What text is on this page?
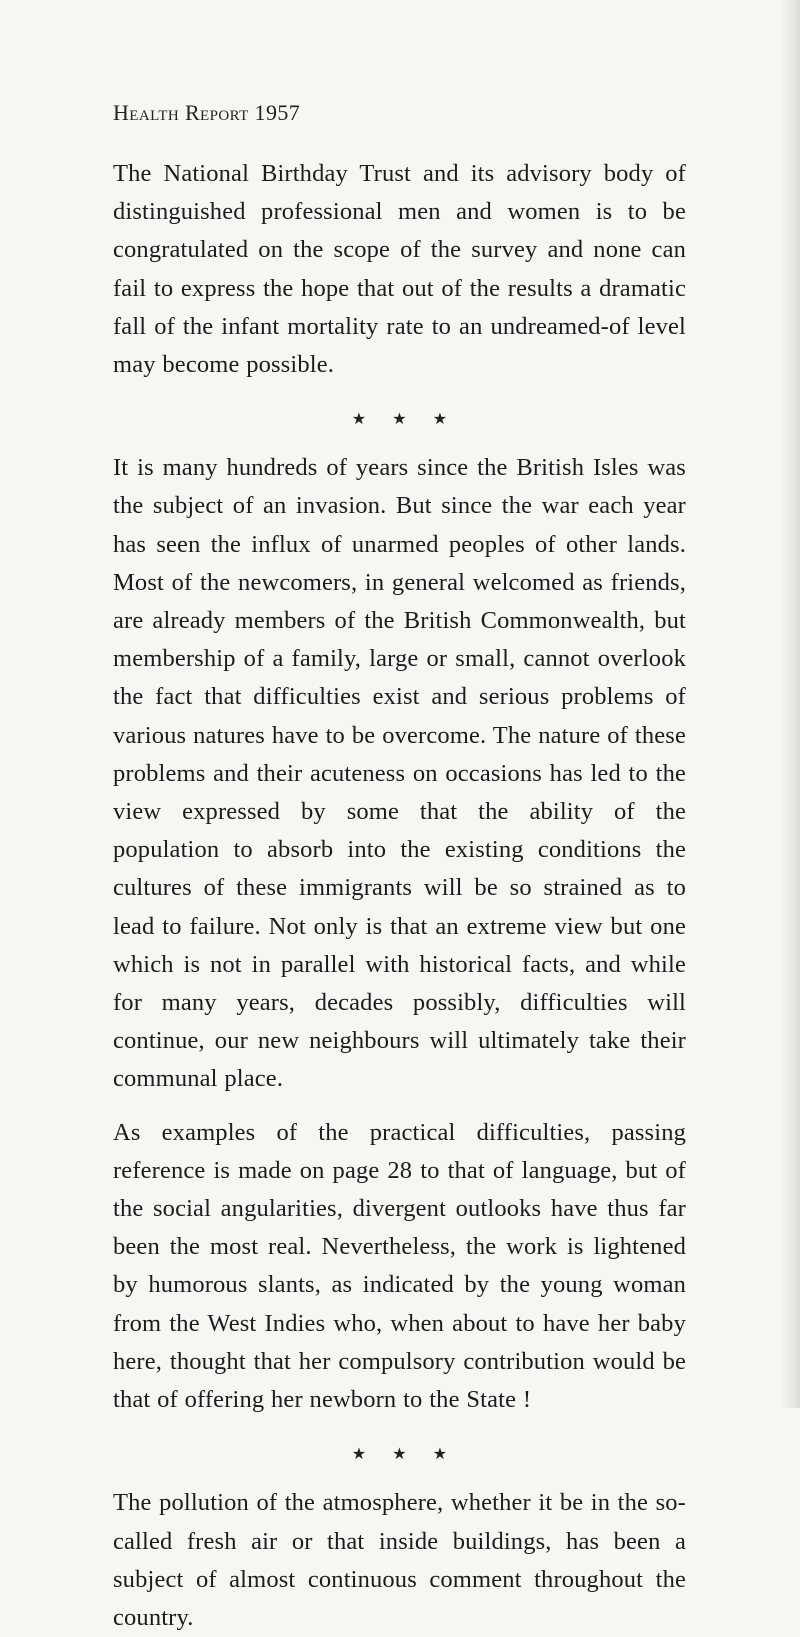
Health Report 1957

The National Birthday Trust and its advisory body of distinguished professional men and women is to be congratulated on the scope of the survey and none can fail to express the hope that out of the results a dramatic fall of the infant mortality rate to an undreamed-of level may become possible.

★ ★ ★

It is many hundreds of years since the British Isles was the subject of an invasion. But since the war each year has seen the influx of unarmed peoples of other lands. Most of the newcomers, in general welcomed as friends, are already members of the British Commonwealth, but membership of a family, large or small, cannot overlook the fact that difficulties exist and serious problems of various natures have to be overcome. The nature of these problems and their acuteness on occasions has led to the view expressed by some that the ability of the population to absorb into the existing conditions the cultures of these immigrants will be so strained as to lead to failure. Not only is that an extreme view but one which is not in parallel with historical facts, and while for many years, decades possibly, difficulties will continue, our new neighbours will ultimately take their communal place.

As examples of the practical difficulties, passing reference is made on page 28 to that of language, but of the social angularities, divergent outlooks have thus far been the most real. Nevertheless, the work is lightened by humorous slants, as indicated by the young woman from the West Indies who, when about to have her baby here, thought that her compulsory contribution would be that of offering her newborn to the State !

★ ★ ★

The pollution of the atmosphere, whether it be in the so-called fresh air or that inside buildings, has been a subject of almost continuous comment throughout the country.
